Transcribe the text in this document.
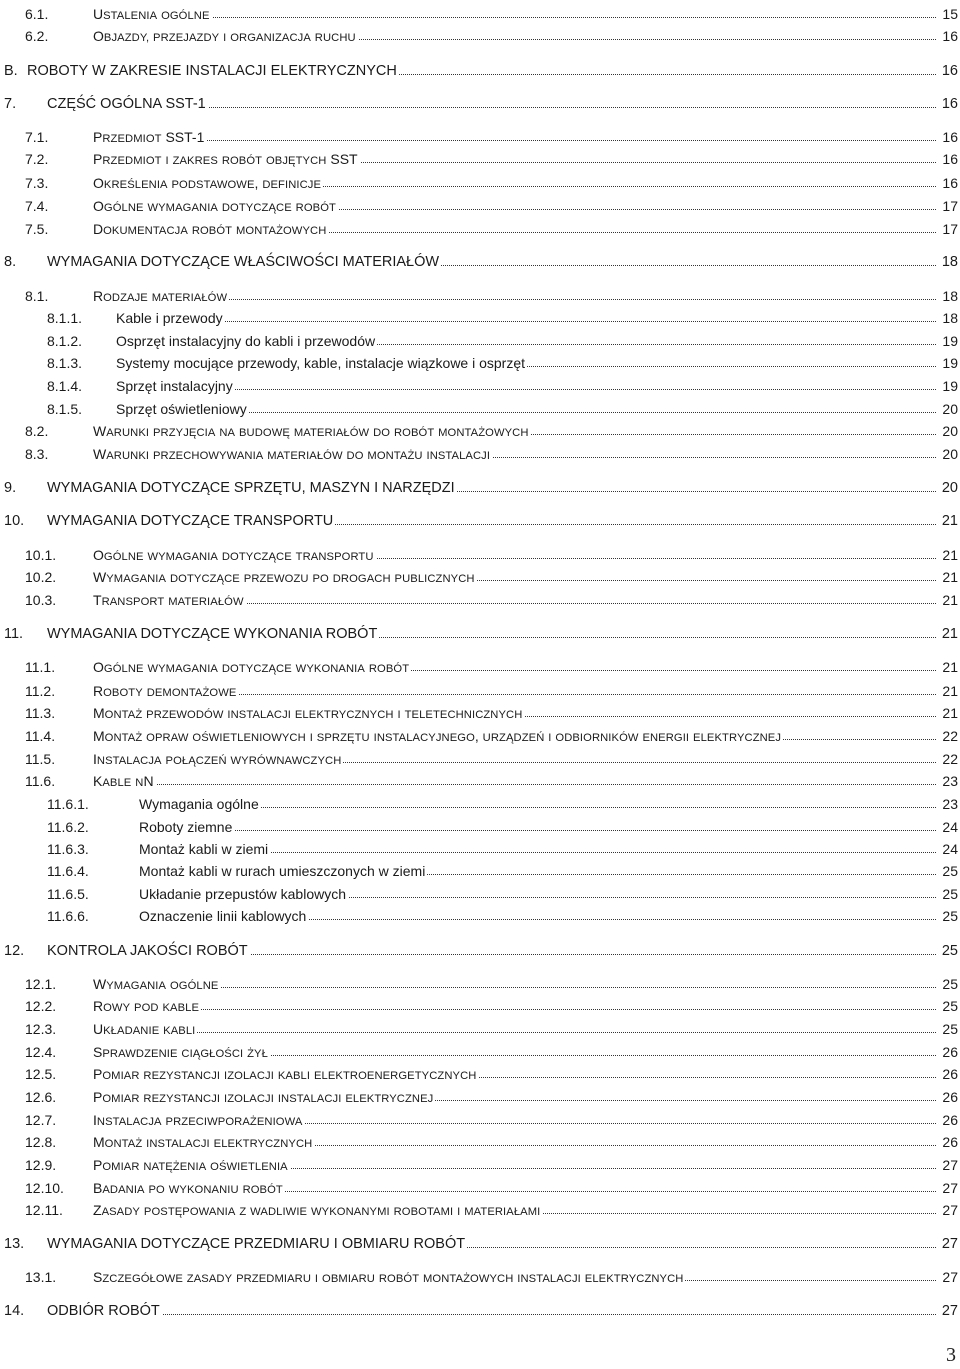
6.1.	USTALENIA OGÓLNE	15
6.2.	OBJAZDY, PRZEJAZDY I ORGANIZACJA RUCHU	16
B. ROBOTY W ZAKRESIE INSTALACJI ELEKTRYCZNYCH	16
7. CZĘŚĆ OGÓLNA SST-1	16
7.1.	PRZEDMIOT SST-1	16
7.2.	PRZEDMIOT I ZAKRES ROBÓT OBJĘTYCH SST	16
7.3.	OKREŚLENIA PODSTAWOWE, DEFINICJE	16
7.4.	OGÓLNE WYMAGANIA DOTYCZĄCE ROBÓT	17
7.5.	DOKUMENTACJA ROBÓT MONTAŻOWYCH	17
8. WYMAGANIA DOTYCZĄCE WŁAŚCIWOŚCI MATERIAŁÓW	18
8.1.	RODZAJE MATERIAŁÓW	18
8.1.1. Kable i przewody	18
8.1.2. Osprzęt instalacyjny do kabli i przewodów	19
8.1.3. Systemy mocujące przewody, kable, instalacje wiązkowe i osprzęt	19
8.1.4. Sprzęt instalacyjny	19
8.1.5. Sprzęt oświetleniowy	20
8.2.	WARUNKI PRZYJĘCIA NA BUDOWĘ MATERIAŁÓW DO ROBÓT MONTAŻOWYCH	20
8.3.	WARUNKI PRZECHOWYWANIA MATERIAŁÓW DO MONTAŻU INSTALACJI	20
9. WYMAGANIA DOTYCZĄCE SPRZĘTU, MASZYN I NARZĘDZI	20
10. WYMAGANIA DOTYCZĄCE TRANSPORTU	21
10.1.	OGÓLNE WYMAGANIA DOTYCZĄCE TRANSPORTU	21
10.2.	WYMAGANIA DOTYCZĄCE PRZEWOZU PO DROGACH PUBLICZNYCH	21
10.3.	TRANSPORT MATERIAŁÓW	21
11. WYMAGANIA DOTYCZĄCE WYKONANIA ROBÓT	21
11.1.	OGÓLNE WYMAGANIA DOTYCZĄCE WYKONANIA ROBÓT	21
11.2.	ROBOTY DEMONTAŻOWE	21
11.3.	MONTAŻ PRZEWODÓW INSTALACJI ELEKTRYCZNYCH I TELETECHNICZNYCH	21
11.4.	MONTAŻ OPRAW OŚWIETLENIOWYCH I SPRZĘTU INSTALACYJNEGO, URZĄDZEŃ I ODBIORNIKÓW ENERGII ELEKTRYCZNEJ	22
11.5.	INSTALACJA POŁĄCZEŃ WYRÓWNAWCZYCH	22
11.6.	KABLE NN	23
11.6.1.	Wymagania ogólne	23
11.6.2.	Roboty ziemne	24
11.6.3.	Montaż kabli w ziemi	24
11.6.4.	Montaż kabli w rurach umieszczonych w ziemi	25
11.6.5.	Układanie przepustów kablowych	25
11.6.6.	Oznaczenie linii kablowych	25
12. KONTROLA JAKOŚCI ROBÓT	25
12.1.	WYMAGANIA OGÓLNE	25
12.2.	ROWY POD KABLE	25
12.3.	UKŁADANIE KABLI	25
12.4.	SPRAWDZENIE CIĄGŁOŚCI ŻYŁ	26
12.5.	POMIAR REZYSTANCJI IZOLACJI KABLI ELEKTROENERGETYCZNYCH	26
12.6.	POMIAR REZYSTANCJI IZOLACJI INSTALACJI ELEKTRYCZNEJ	26
12.7.	INSTALACJA PRZECIWPORAŻENIOWA	26
12.8.	MONTAŻ INSTALACJI ELEKTRYCZNYCH	26
12.9.	POMIAR NATĘŻENIA OŚWIETLENIA	27
12.10. BADANIA PO WYKONANIU ROBÓT	27
12.11. ZASADY POSTĘPOWANIA Z WADLIWIE WYKONANYMI ROBOTAMI I MATERIAŁAMI	27
13. WYMAGANIA DOTYCZĄCE PRZEDMIARU I OBMIARU ROBÓT	27
13.1.	SZCZEGÓŁOWE ZASADY PRZEDMIARU I OBMIARU ROBÓT MONTAŻOWYCH INSTALACJI ELEKTRYCZNYCH	27
14. ODBIÓR ROBÓT	27
3
